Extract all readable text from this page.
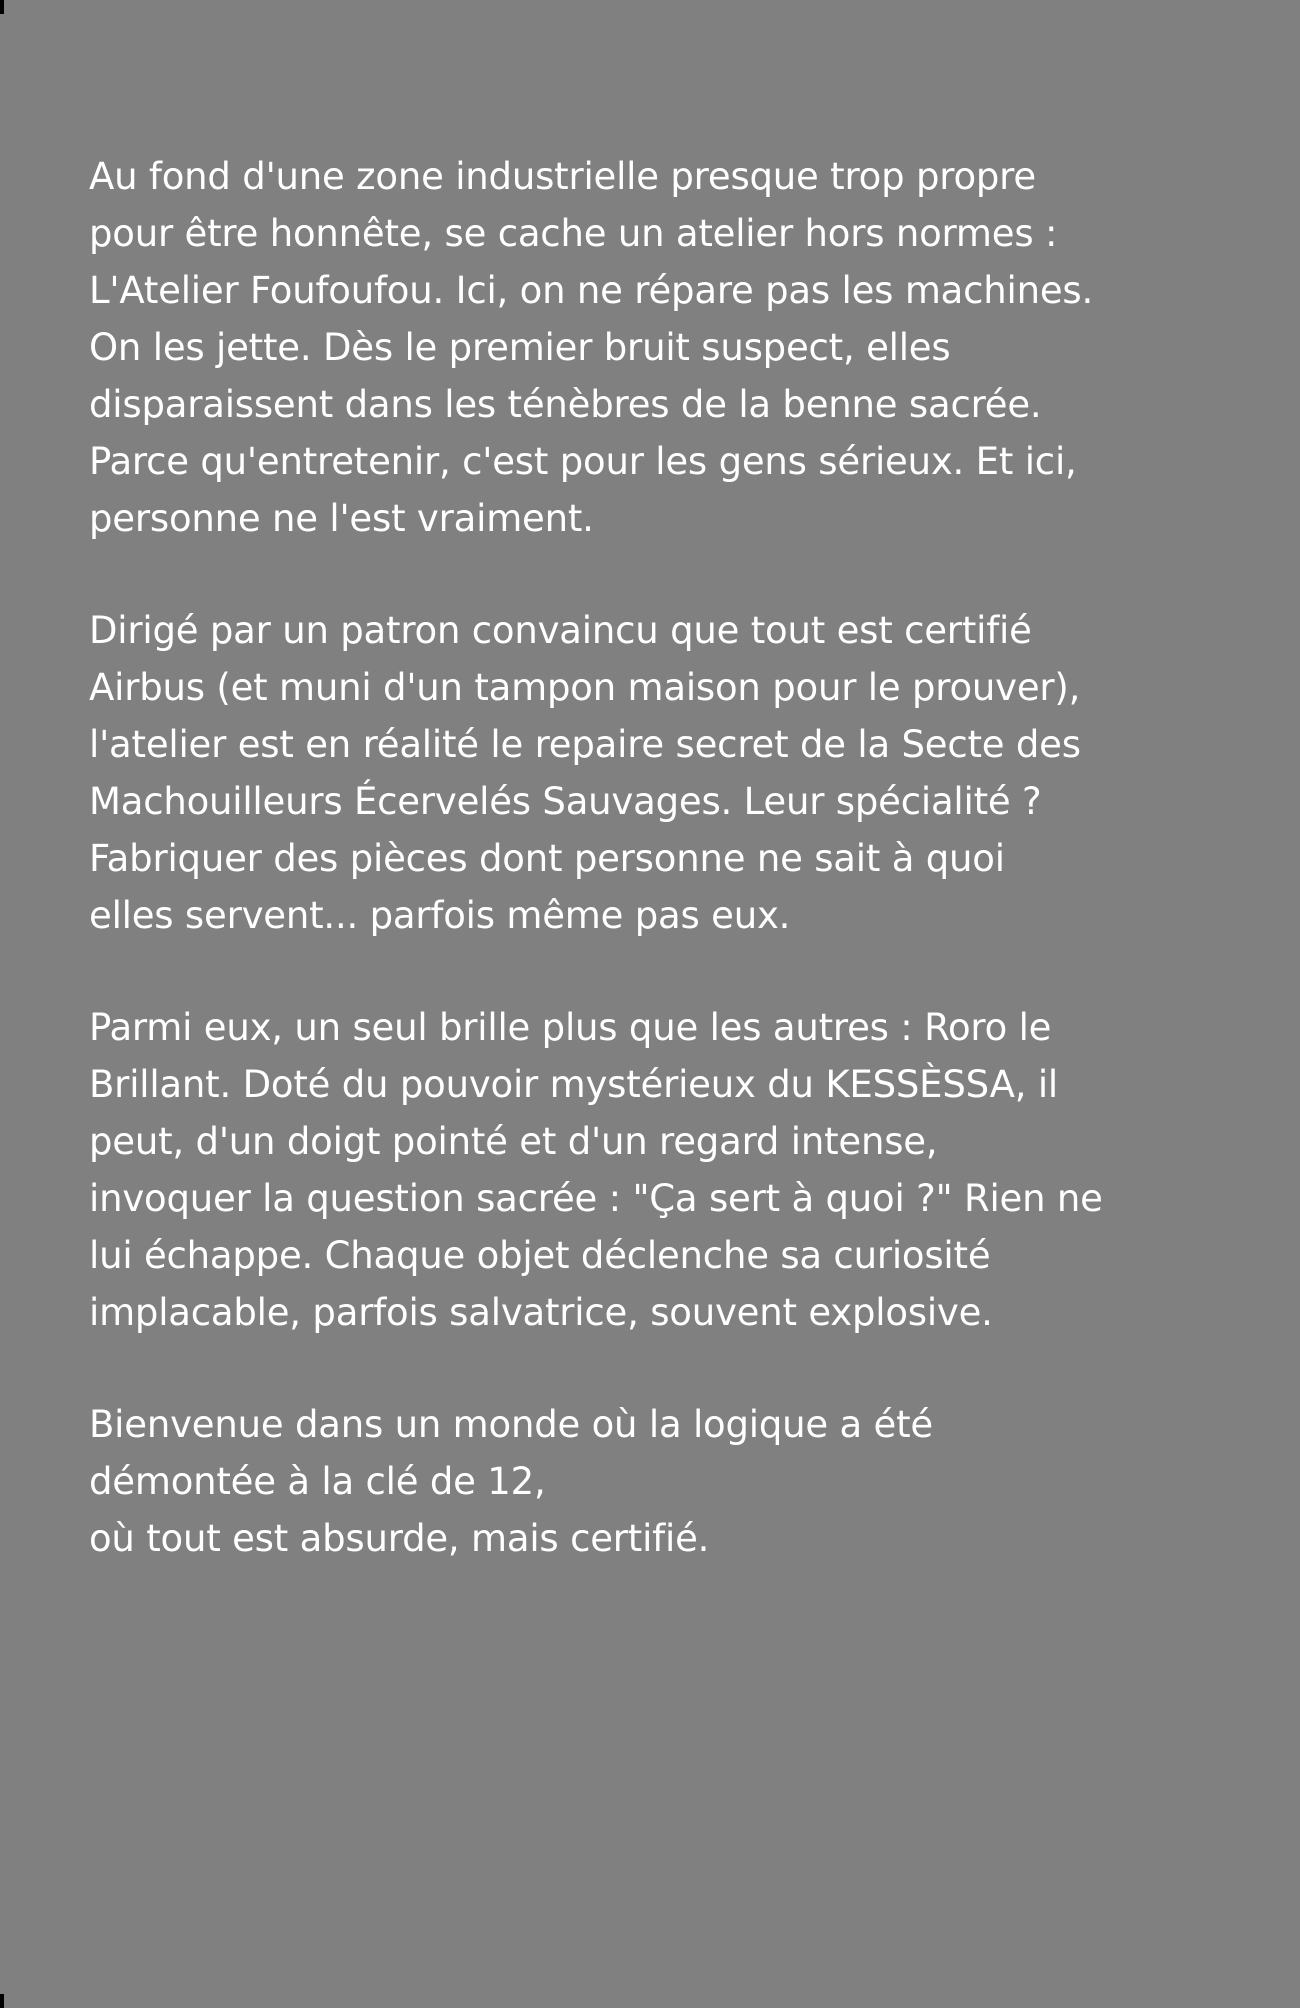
Au fond d'une zone industrielle presque trop propre
pour être honnête, se cache un atelier hors normes :
L'Atelier Foufoufou. Ici, on ne répare pas les machines.
On les jette. Dès le premier bruit suspect, elles
disparaissent dans les ténèbres de la benne sacrée.
Parce qu'entretenir, c'est pour les gens sérieux. Et ici,
personne ne l'est vraiment.

Dirigé par un patron convaincu que tout est certifié
Airbus (et muni d'un tampon maison pour le prouver),
l'atelier est en réalité le repaire secret de la Secte des
Machouilleurs Écervelés Sauvages. Leur spécialité ?
Fabriquer des pièces dont personne ne sait à quoi
elles servent... parfois même pas eux.

Parmi eux, un seul brille plus que les autres : Roro le
Brillant. Doté du pouvoir mystérieux du KESSÈSSA, il
peut, d'un doigt pointé et d'un regard intense,
invoquer la question sacrée : "Ça sert à quoi ?" Rien ne
lui échappe. Chaque objet déclenche sa curiosité
implacable, parfois salvatrice, souvent explosive.

Bienvenue dans un monde où la logique a été
démontée à la clé de 12,
où tout est absurde, mais certifié.
